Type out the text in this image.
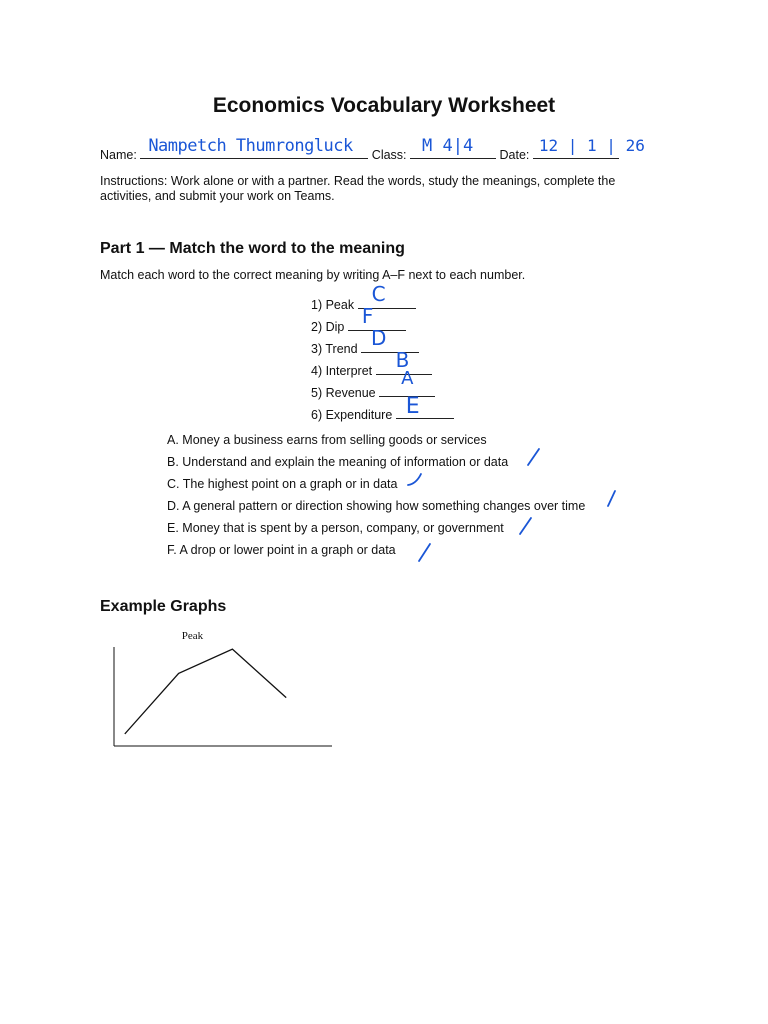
Economics Vocabulary Worksheet
Name: Nampetch Thumrongluck Class: M 4|4 Date: 12 | 1 | 26
Instructions: Work alone or with a partner. Read the words, study the meanings, complete the activities, and submit your work on Teams.
Part 1 — Match the word to the meaning
Match each word to the correct meaning by writing A–F next to each number.
1) Peak C
2) Dip F
3) Trend D
4) Interpret B
5) Revenue
A
6) Expenditure E
A. Money a business earns from selling goods or services
B. Understand and explain the meaning of information or data
C. The highest point on a graph or in data
D. A general pattern or direction showing how something changes over time
E. Money that is spent by a person, company, or government
F. A drop or lower point in a graph or data
Example Graphs
Peak
